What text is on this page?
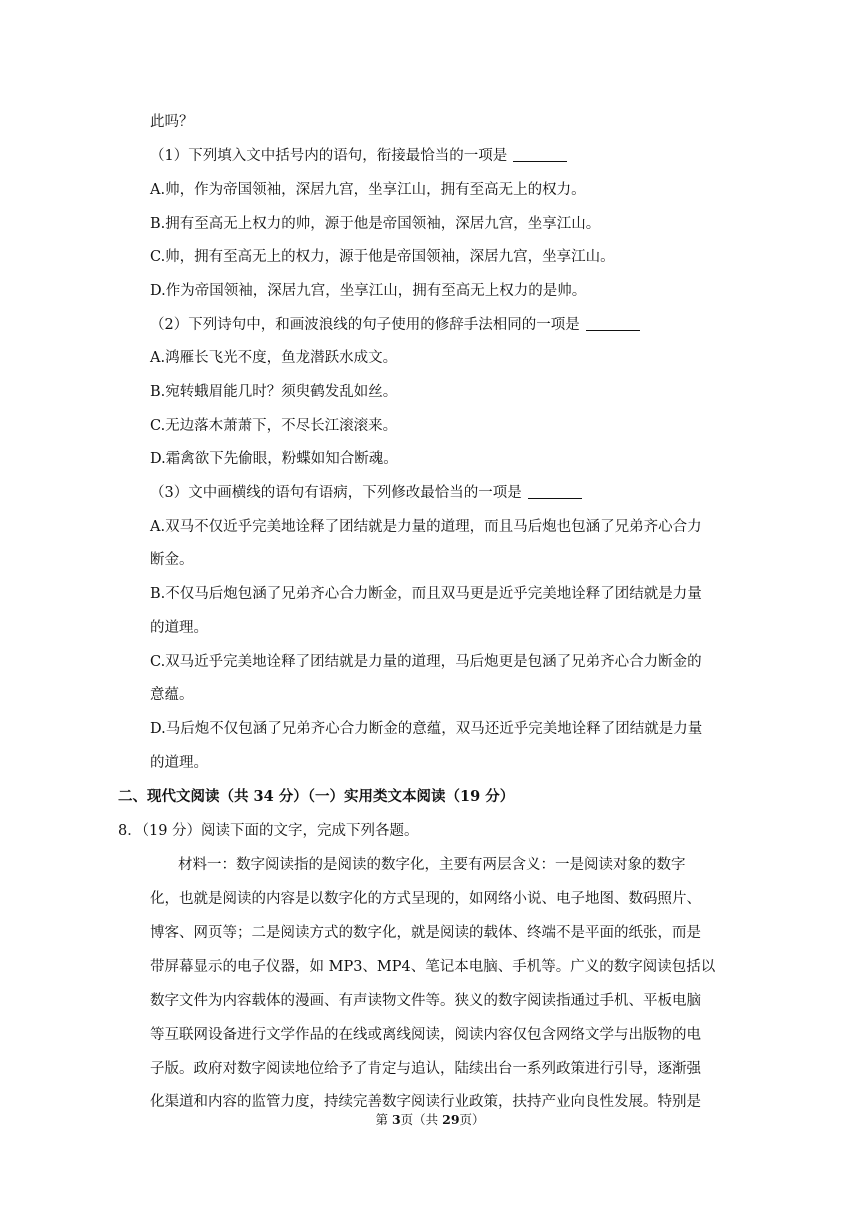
此吗？
（1）下列填入文中括号内的语句，衔接最恰当的一项是
A.帅，作为帝国领袖，深居九宫，坐享江山，拥有至高无上的权力。
B.拥有至高无上权力的帅，源于他是帝国领袖，深居九宫，坐享江山。
C.帅，拥有至高无上的权力，源于他是帝国领袖，深居九宫，坐享江山。
D.作为帝国领袖，深居九宫，坐享江山，拥有至高无上权力的是帅。
（2）下列诗句中，和画波浪线的句子使用的修辞手法相同的一项是
A.鸿雁长飞光不度，鱼龙潜跃水成文。
B.宛转蛾眉能几时？须臾鹤发乱如丝。
C.无边落木萧萧下，不尽长江滚滚来。
D.霜禽欲下先偷眼，粉蝶如知合断魂。
（3）文中画横线的语句有语病，下列修改最恰当的一项是
A.双马不仅近乎完美地诠释了团结就是力量的道理，而且马后炮也包涵了兄弟齐心合力
断金。
B.不仅马后炮包涵了兄弟齐心合力断金，而且双马更是近乎完美地诠释了团结就是力量
的道理。
C.双马近乎完美地诠释了团结就是力量的道理，马后炮更是包涵了兄弟齐心合力断金的
意蕴。
D.马后炮不仅包涵了兄弟齐心合力断金的意蕴，双马还近乎完美地诠释了团结就是力量
的道理。
二、现代文阅读（共 34 分）（一）实用类文本阅读（19 分）
8．（19 分）阅读下面的文字，完成下列各题。
材料一：数字阅读指的是阅读的数字化，主要有两层含义：一是阅读对象的数字
化，也就是阅读的内容是以数字化的方式呈现的，如网络小说、电子地图、数码照片、
博客、网页等；二是阅读方式的数字化，就是阅读的载体、终端不是平面的纸张，而是
带屏幕显示的电子仪器，如 MP3、MP4、笔记本电脑、手机等。广义的数字阅读包括以
数字文件为内容载体的漫画、有声读物文件等。狭义的数字阅读指通过手机、平板电脑
等互联网设备进行文学作品的在线或离线阅读，阅读内容仅包含网络文学与出版物的电
子版。政府对数字阅读地位给予了肯定与追认，陆续出台一系列政策进行引导，逐渐强
化渠道和内容的监管力度，持续完善数字阅读行业政策，扶持产业向良性发展。特别是
第 3页（共 29页）
